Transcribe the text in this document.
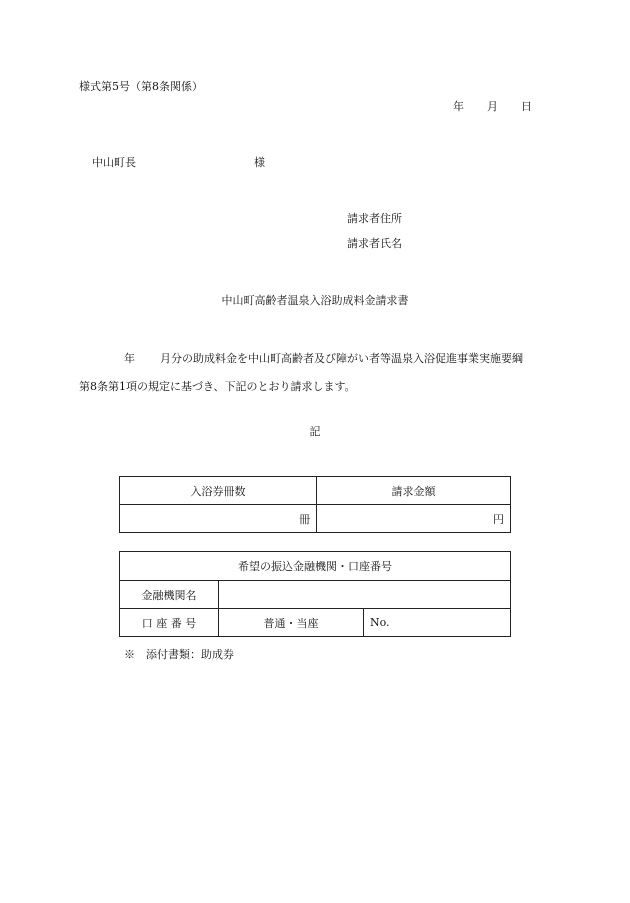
様式第5号（第8条関係）
年 月 日
中山町長	様
請求者住所
請求者氏名
中山町高齢者温泉入浴助成料金請求書
年 月分の助成料金を中山町高齢者及び障がい者等温泉入浴促進事業実施要綱
第8条第1項の規定に基づき、下記のとおり請求します。
記
入浴券冊数	請求金額
冊	円
希望の振込金融機関・口座番号		
金融機関名		
口 座 番 号	普通・当座	No.
※　添付書類：助成券
